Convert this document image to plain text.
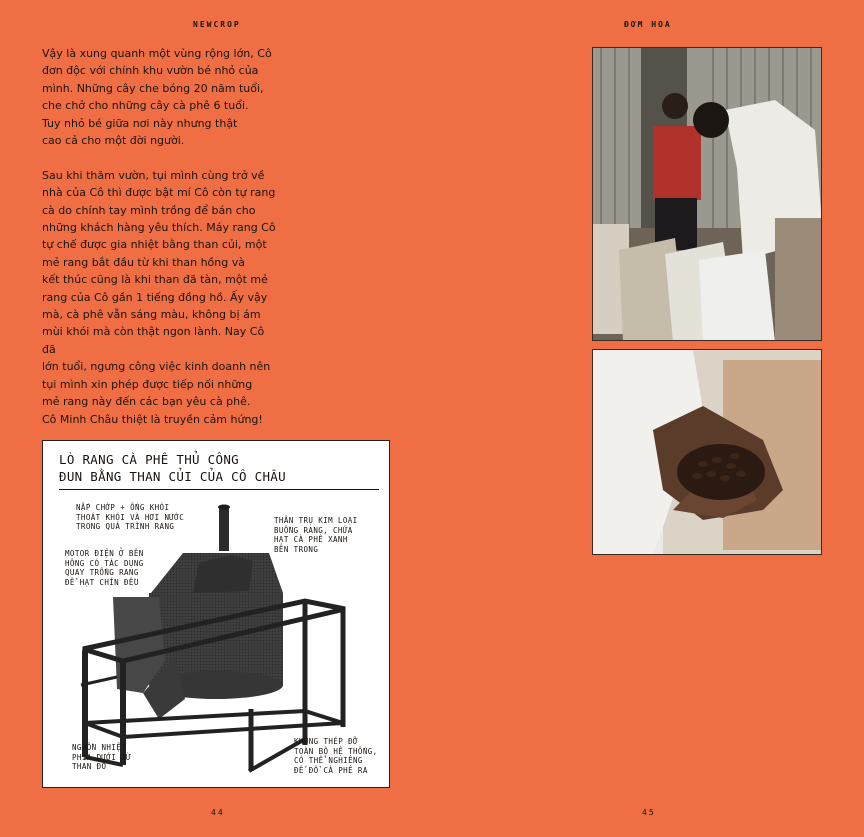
NEWCROP	ĐƠM HOA

Vậy là xung quanh một vùng rộng lớn, Cô
đơn độc với chính khu vườn bé nhỏ của
mình. Những cây che bóng 20 năm tuổi,
che chở cho những cây cà phê 6 tuổi.
Tuy nhỏ bé giữa nơi này nhưng thật
cao cả cho một đời người.

Sau khi thăm vườn, tụi mình cùng trở về
nhà của Cô thì được bật mí Cô còn tự rang
cà do chính tay mình trồng để bán cho
những khách hàng yêu thích. Máy rang Cô
tự chế được gia nhiệt bằng than củi, một
mẻ rang bắt đầu từ khi than hồng và
kết thúc cũng là khi than đã tàn, một mẻ
rang của Cô gần 1 tiếng đồng hồ. Ấy vậy
mà, cà phê vẫn sáng màu, không bị ám
mùi khói mà còn thật ngon lành. Nay Cô đã
lớn tuổi, ngưng công việc kinh doanh nên
tụi mình xin phép được tiếp nối những
mẻ rang này đến các bạn yêu cà phê.
Cô Minh Châu thiệt là truyền cảm hứng!

LÒ RANG CÀ PHÊ THỦ CÔNG
ĐUN BẰNG THAN CỦI CỦA CÔ CHÂU
NẮP CHỚP + ỐNG KHÓI
THOÁT KHÓI VÀ HƠI NƯỚC
TRONG QUÁ TRÌNH RANG
THÂN TRỤ KIM LOẠI
BUỒNG RANG, CHỨA
HẠT CÀ PHÊ XANH
BÊN TRONG
MOTOR ĐIỆN Ở BÊN
HÔNG CÓ TÁC DỤNG
QUAY TRỐNG RANG
ĐỂ HẠT CHÍN ĐỀU
NGUỒN NHIỆT
PHÍA DƯỚI TỪ
THAN ĐỎ
KHUNG THÉP ĐỠ
TOÀN BỘ HỆ THỐNG,
CÓ THỂ NGHIÊNG
ĐỂ ĐỔ CÀ PHÊ RA
44	45
